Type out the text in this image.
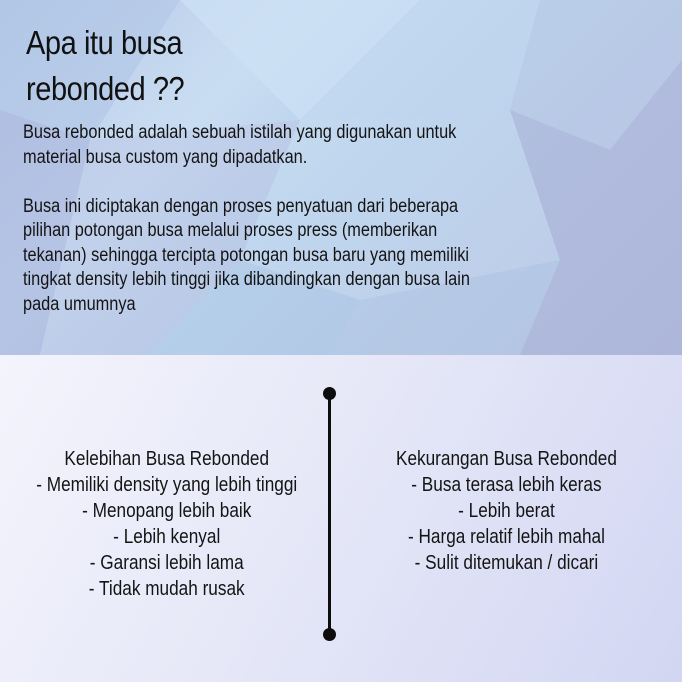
Apa itu busa
rebonded ??

Busa rebonded adalah sebuah istilah yang digunakan untuk

material busa custom yang dipadatkan.

Busa ini diciptakan dengan proses penyatuan dari beberapa

pilihan potongan busa melalui proses press (memberikan

tekanan) sehingga tercipta potongan busa baru yang memiliki

tingkat density lebih tinggi jika dibandingkan dengan busa lain

pada umumnya

Kelebihan Busa Rebonded
- Memiliki density yang lebih tinggi
- Menopang lebih baik
- Lebih kenyal
- Garansi lebih lama
- Tidak mudah rusak
Kekurangan Busa Rebonded
- Busa terasa lebih keras
- Lebih berat
- Harga relatif lebih mahal
- Sulit ditemukan / dicari
